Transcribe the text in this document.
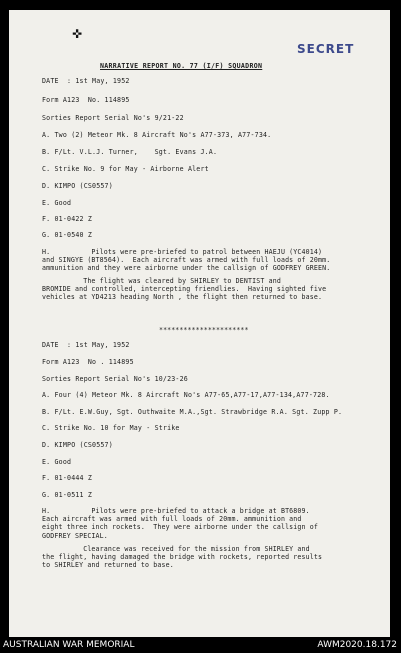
✜
SECRET
NARRATIVE REPORT NO. 77 (I/F) SQUADRON
DATE  : 1st May, 1952
Form A123  No. 114895
Sorties Report Serial No's 9/21-22
A. Two (2) Meteor Mk. 8 Aircraft No's A77-373, A77-734.
B. F/Lt. V.L.J. Turner,    Sgt. Evans J.A.
C. Strike No. 9 for May - Airborne Alert
D. KIMPO (CS0557)
E. Good
F. 01-0422 Z
G. 01-0540 Z
H.          Pilots were pre-briefed to patrol between HAEJU (YC4014)
and SINGYE (BT8564).  Each aircraft was armed with full loads of 20mm.
ammunition and they were airborne under the callsign of GODFREY GREEN.
The flight was cleared by SHIRLEY to DENTIST and
BROMIDE and controlled, intercepting friendlies.  Having sighted five
vehicles at YD4213 heading North , the flight then returned to base.
**********************
DATE  : 1st May, 1952
Form A123  No . 114895
Sorties Report Serial No's 10/23-26
A. Four (4) Meteor Mk. 8 Aircraft No's A77-65,A77-17,A77-134,A77-728.
B. F/Lt. E.W.Guy, Sgt. Outhwaite M.A.,Sgt. Strawbridge R.A. Sgt. Zupp P.
C. Strike No. 10 for May - Strike
D. KIMPO (CS0557)
E. Good
F. 01-0444 Z
G. 01-0511 Z
H.          Pilots were pre-briefed to attack a bridge at BT6809.
Each aircraft was armed with full loads of 20mm. ammunition and
eight three inch rockets.  They were airborne under the callsign of
GODFREY SPECIAL.
Clearance was received for the mission from SHIRLEY and
the flight, having damaged the bridge with rockets, reported results
to SHIRLEY and returned to base.
AUSTRALIAN WAR MEMORIAL	AWM2020.18.172
